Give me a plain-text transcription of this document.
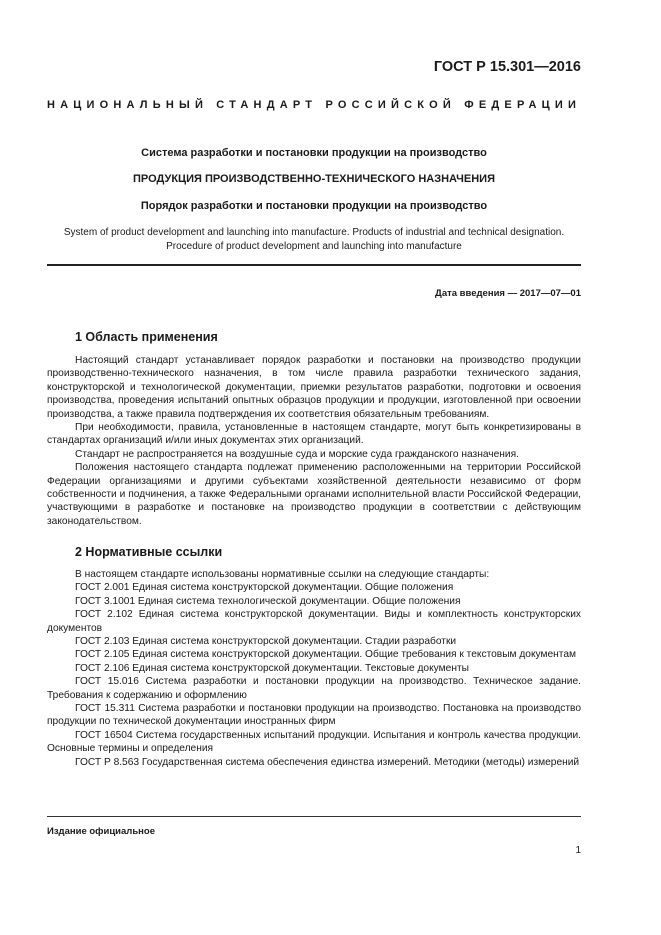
ГОСТ Р 15.301—2016
НАЦИОНАЛЬНЫЙ СТАНДАРТ РОССИЙСКОЙ ФЕДЕРАЦИИ
Система разработки и постановки продукции на производство
ПРОДУКЦИЯ ПРОИЗВОДСТВЕННО-ТЕХНИЧЕСКОГО НАЗНАЧЕНИЯ
Порядок разработки и постановки продукции на производство
System of product development and launching into manufacture. Products of industrial and technical designation.
Procedure of product development and launching into manufacture
Дата введения — 2017—07—01
1 Область применения

Настоящий стандарт устанавливает порядок разработки и постановки на производство продукции производственно-технического назначения, в том числе правила разработки технического задания, конструкторской и технологической документации, приемки результатов разработки, подготовки и освоения производства, проведения испытаний опытных образцов продукции и продукции, изготовленной при освоении производства, а также правила подтверждения их соответствия обязательным требованиям.

При необходимости, правила, установленные в настоящем стандарте, могут быть конкретизированы в стандартах организаций и/или иных документах этих организаций.

Стандарт не распространяется на воздушные суда и морские суда гражданского назначения.

Положения настоящего стандарта подлежат применению расположенными на территории Российской Федерации организациями и другими субъектами хозяйственной деятельности независимо от форм собственности и подчинения, а также Федеральными органами исполнительной власти Российской Федерации, участвующими в разработке и постановке на производство продукции в соответствии с действующим законодательством.

2 Нормативные ссылки

В настоящем стандарте использованы нормативные ссылки на следующие стандарты:

ГОСТ 2.001 Единая система конструкторской документации. Общие положения

ГОСТ 3.1001 Единая система технологической документации. Общие положения

ГОСТ 2.102 Единая система конструкторской документации. Виды и комплектность конструкторских документов

ГОСТ 2.103 Единая система конструкторской документации. Стадии разработки

ГОСТ 2.105 Единая система конструкторской документации. Общие требования к текстовым документам

ГОСТ 2.106 Единая система конструкторской документации. Текстовые документы

ГОСТ 15.016 Система разработки и постановки продукции на производство. Техническое задание. Требования к содержанию и оформлению

ГОСТ 15.311 Система разработки и постановки продукции на производство. Постановка на производство продукции по технической документации иностранных фирм

ГОСТ 16504 Система государственных испытаний продукции. Испытания и контроль качества продукции. Основные термины и определения

ГОСТ Р 8.563 Государственная система обеспечения единства измерений. Методики (методы) измерений

Издание официальное
1
